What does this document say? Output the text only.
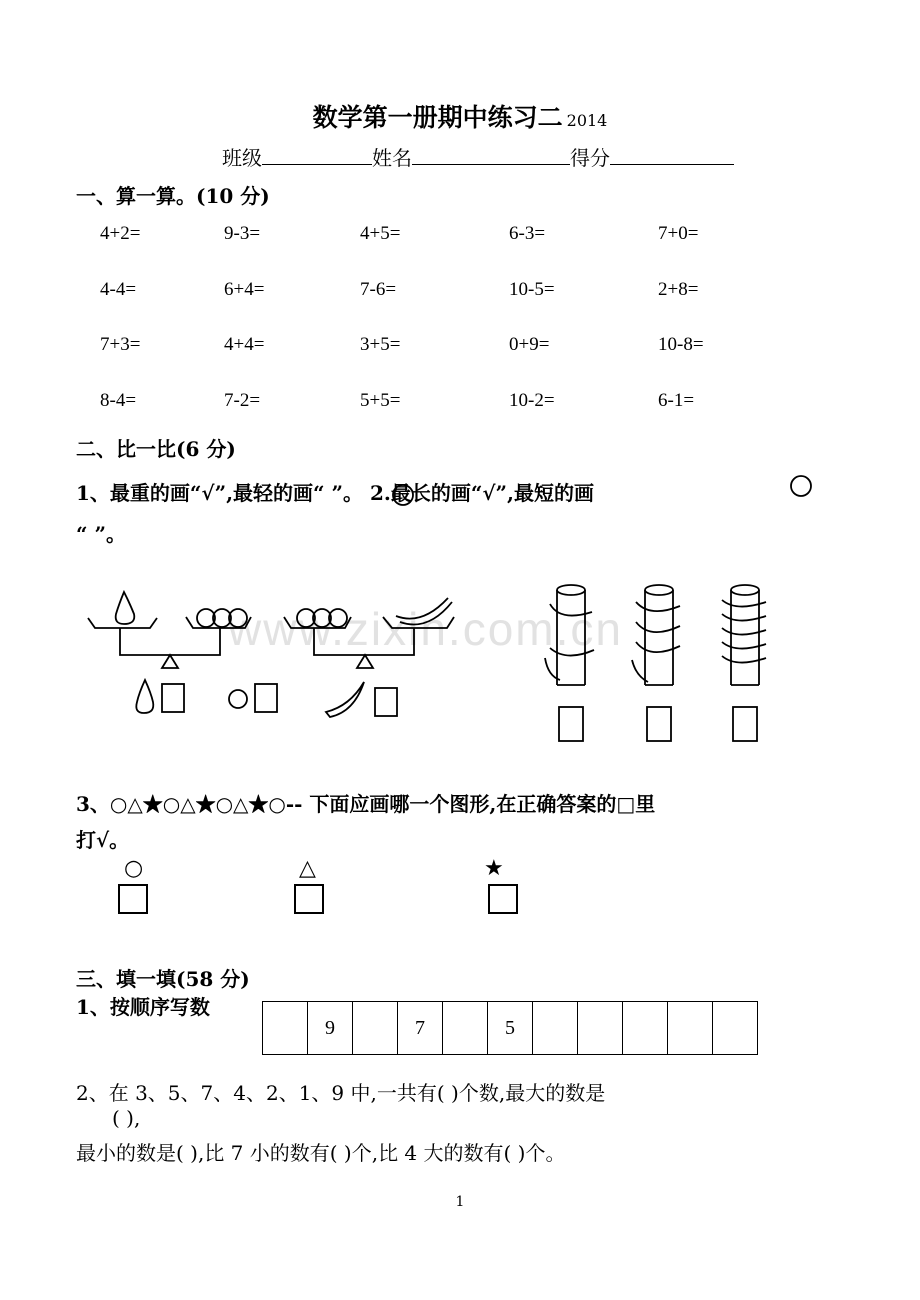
数学第一册期中练习二 2014
班级	姓名	得分
一、算一算。(10 分)
4+2=	9-3=	4+5=	6-3=	7+0=
4-4=	6+4=	7-6=	10-5=	2+8=
7+3=	4+4=	3+5=	0+9=	10-8=
8-4=	7-2=	5+5=	10-2=	6-1=
二、比一比(6 分)
1、最重的画“√”,最轻的画“ ”。 2.最长的画“√”,最短的画
“ ”。
www.zixin.com.cn
3、○△★○△★○△★○-- 下面应画哪一个图形,在正确答案的□里
打√。
○	△	★
三、填一填(58 分)
1、按顺序写数
	9		7		5					
2、在 3、5、7、4、2、1、9 中,一共有( )个数,最大的数是
( ),
最小的数是( ),比 7 小的数有( )个,比 4 大的数有( )个。
1
